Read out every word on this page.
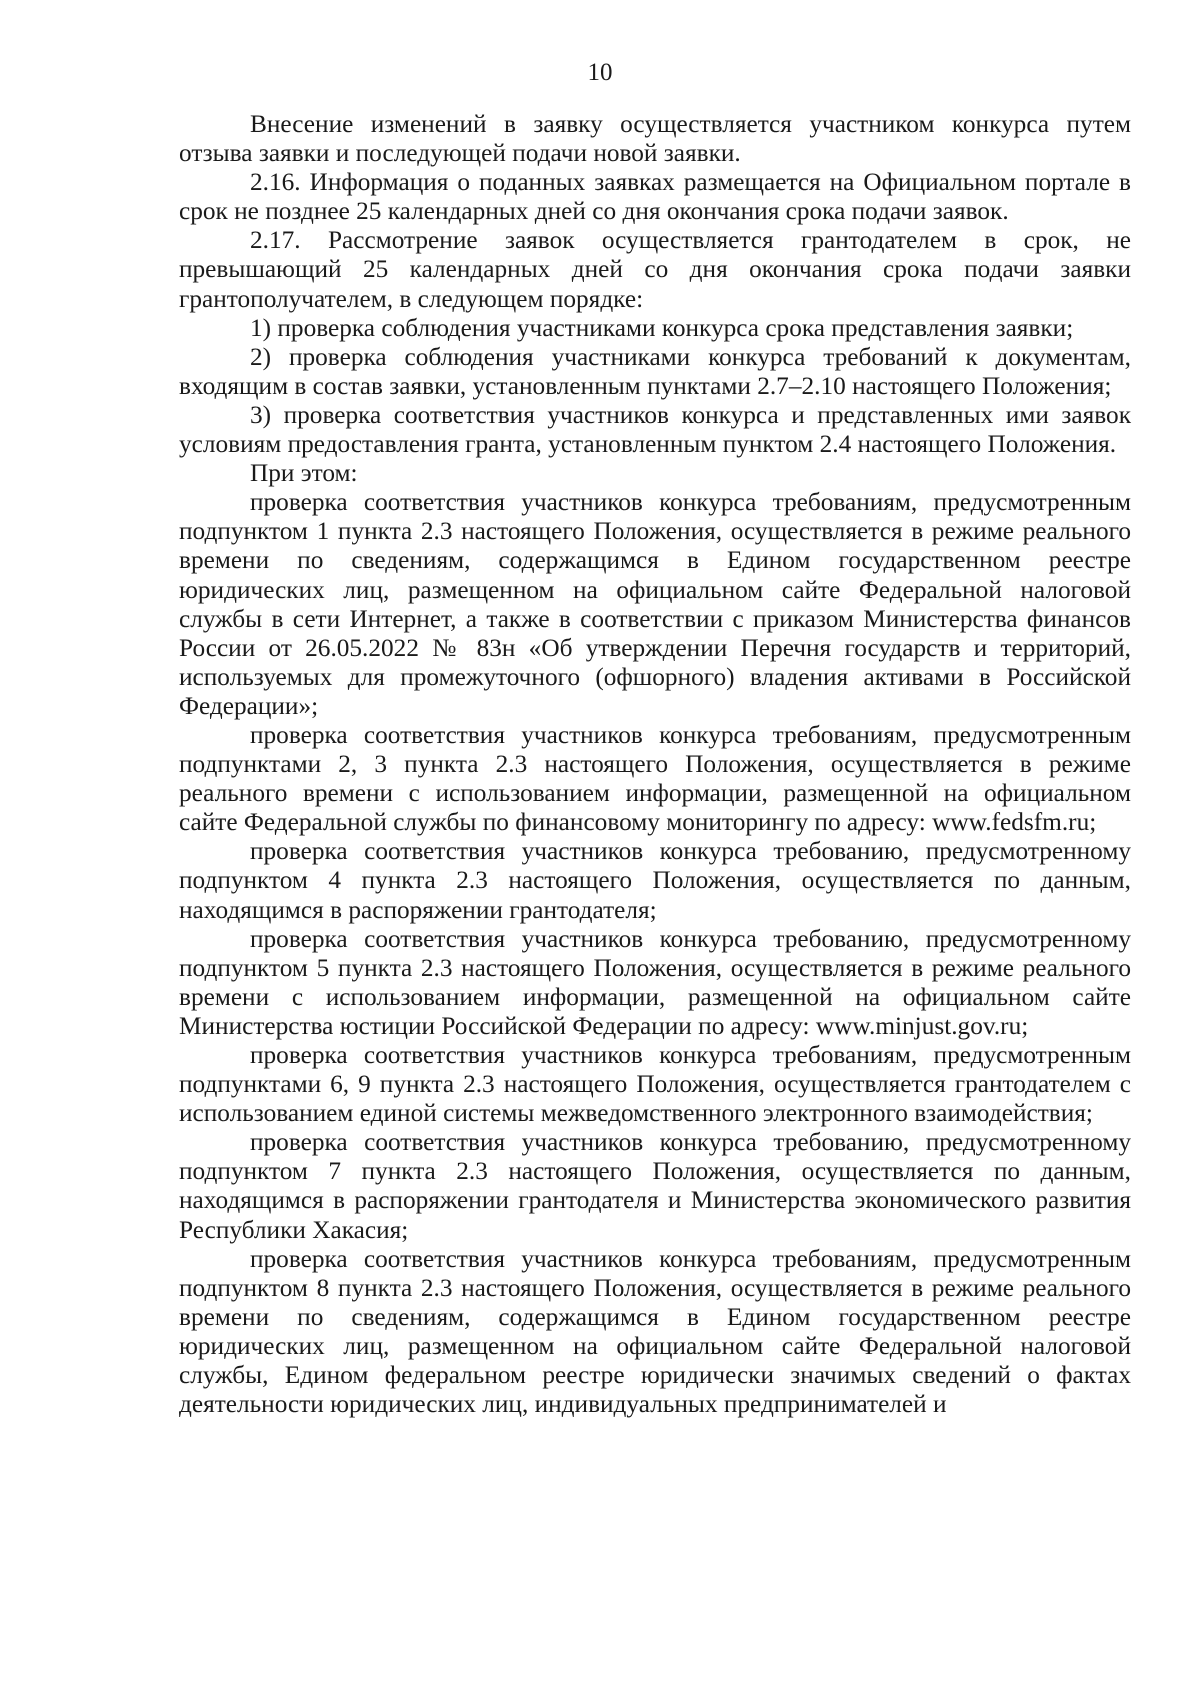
10

Внесение изменений в заявку осуществляется участником конкурса путем отзыва заявки и последующей подачи новой заявки.

2.16. Информация о поданных заявках размещается на Официальном портале в срок не позднее 25 календарных дней со дня окончания срока подачи заявок.

2.17. Рассмотрение заявок осуществляется грантодателем в срок, не превышающий 25 календарных дней со дня окончания срока подачи заявки грантополучателем, в следующем порядке:

1) проверка соблюдения участниками конкурса срока представления заявки;

2) проверка соблюдения участниками конкурса требований к документам, входящим в состав заявки, установленным пунктами 2.7–2.10 настоящего Положения;

3) проверка соответствия участников конкурса и представленных ими заявок условиям предоставления гранта, установленным пунктом 2.4 настоящего Положения.

При этом:

проверка соответствия участников конкурса требованиям, предусмотренным подпунктом 1 пункта 2.3 настоящего Положения, осуществляется в режиме реального времени по сведениям, содержащимся в Едином государственном реестре юридических лиц, размещенном на официальном сайте Федеральной налоговой службы в сети Интернет, а также в соответствии с приказом Министерства финансов России от 26.05.2022 № 83н «Об утверждении Перечня государств и территорий, используемых для промежуточного (офшорного) владения активами в Российской Федерации»;

проверка соответствия участников конкурса требованиям, предусмотренным подпунктами 2, 3 пункта 2.3 настоящего Положения, осуществляется в режиме реального времени с использованием информации, размещенной на официальном сайте Федеральной службы по финансовому мониторингу по адресу: www.fedsfm.ru;

проверка соответствия участников конкурса требованию, предусмотренному подпунктом 4 пункта 2.3 настоящего Положения, осуществляется по данным, находящимся в распоряжении грантодателя;

проверка соответствия участников конкурса требованию, предусмотренному подпунктом 5 пункта 2.3 настоящего Положения, осуществляется в режиме реального времени с использованием информации, размещенной на официальном сайте Министерства юстиции Российской Федерации по адресу: www.minjust.gov.ru;

проверка соответствия участников конкурса требованиям, предусмотренным подпунктами 6, 9 пункта 2.3 настоящего Положения, осуществляется грантодателем с использованием единой системы межведомственного электронного взаимодействия;

проверка соответствия участников конкурса требованию, предусмотренному подпунктом 7 пункта 2.3 настоящего Положения, осуществляется по данным, находящимся в распоряжении грантодателя и Министерства экономического развития Республики Хакасия;

проверка соответствия участников конкурса требованиям, предусмотренным подпунктом 8 пункта 2.3 настоящего Положения, осуществляется в режиме реального времени по сведениям, содержащимся в Едином государственном реестре юридических лиц, размещенном на официальном сайте Федеральной налоговой службы, Едином федеральном реестре юридически значимых сведений о фактах деятельности юридических лиц, индивидуальных предпринимателей и
